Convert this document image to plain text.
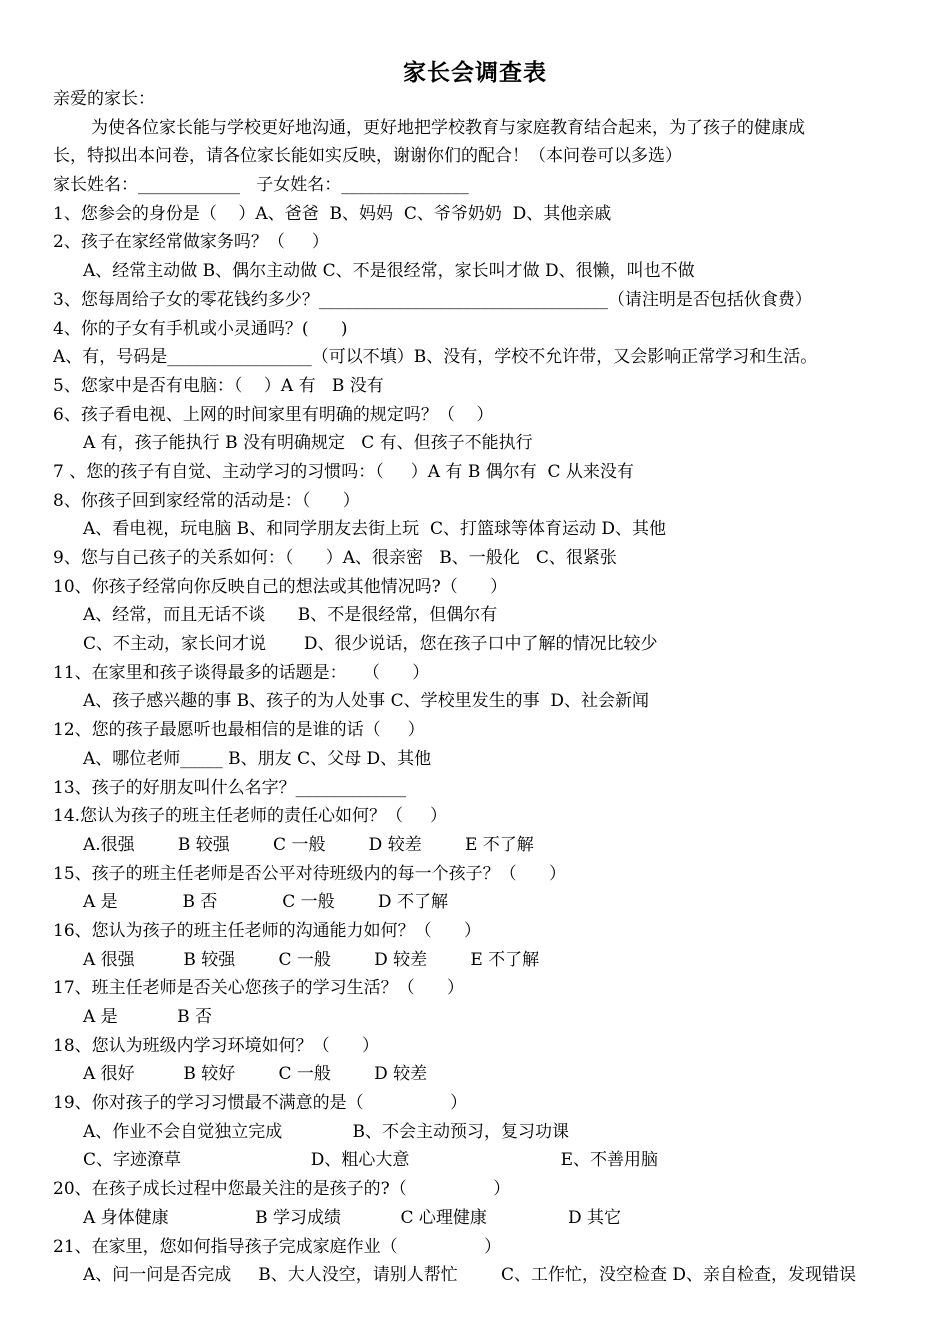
家长会调查表
亲爱的家长：
为使各位家长能与学校更好地沟通，更好地把学校教育与家庭教育结合起来，为了孩子的健康成
长，特拟出本问卷，请各位家长能如实反映，谢谢你们的配合！（本问卷可以多选）
家长姓名：____________   子女姓名：_______________
1、您参会的身份是（    ）A、爸爸  B、妈妈  C、爷爷奶奶  D、其他亲戚
2、孩子在家经常做家务吗？（     ）
A、经常主动做 B、偶尔主动做 C、不是很经常，家长叫才做 D、很懒，叫也不做
3、您每周给子女的零花钱约多少？__________________________________（请注明是否包括伙食费）
4、你的子女有手机或小灵通吗？(      )
A、有，号码是_________________（可以不填）B、没有，学校不允许带，又会影响正常学习和生活。
5、您家中是否有电脑：（    ）A 有   B 没有
6、孩子看电视、上网的时间家里有明确的规定吗？（    ）
A 有，孩子能执行 B 没有明确规定   C 有、但孩子不能执行
7 、您的孩子有自觉、主动学习的习惯吗：（     ）A 有 B 偶尔有  C 从来没有
8、你孩子回到家经常的活动是：（      ）
A、看电视，玩电脑 B、和同学朋友去街上玩  C、打篮球等体育运动 D、其他
9、您与自己孩子的关系如何：（      ）A、很亲密   B、一般化   C、很紧张
10、你孩子经常向你反映自己的想法或其他情况吗?（      ）
A、经常，而且无话不谈      B、不是很经常，但偶尔有
C、不主动，家长问才说       D、很少说话，您在孩子口中了解的情况比较少
11、在家里和孩子谈得最多的话题是：   （      ）
A、孩子感兴趣的事 B、孩子的为人处事 C、学校里发生的事  D、社会新闻
12、您的孩子最愿听也最相信的是谁的话（     ）
A、哪位老师_____ B、朋友 C、父母 D、其他
13、孩子的好朋友叫什么名字？_____________
14.您认为孩子的班主任老师的责任心如何？（     ）
A.很强        B 较强        C 一般        D 较差        E 不了解
15、孩子的班主任老师是否公平对待班级内的每一个孩子？（      ）
A 是            B 否            C 一般        D 不了解
16、您认为孩子的班主任老师的沟通能力如何？（      ）
A 很强         B 较强        C 一般        D 较差        E 不了解
17、班主任老师是否关心您孩子的学习生活？（      ）
A 是           B 否
18、您认为班级内学习环境如何？（      ）
A 很好         B 较好        C 一般        D 较差
19、你对孩子的学习习惯最不满意的是（                ）
A、作业不会自觉独立完成             B、不会主动预习，复习功课
C、字迹潦草                        D、粗心大意                            E、不善用脑
20、在孩子成长过程中您最关注的是孩子的?（                ）
A 身体健康                B 学习成绩           C 心理健康               D 其它
21、在家里，您如何指导孩子完成家庭作业（                ）
A、问一问是否完成     B、大人没空，请别人帮忙        C、工作忙，没空检查 D、亲自检查，发现错误
